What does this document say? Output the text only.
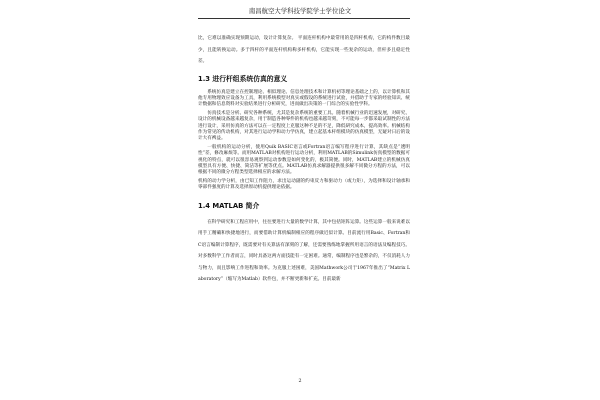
南昌航空大学科技学院学士学位论文

比，它难以准确实现预期运动，设计计算复杂。 平面连杆机构中最常用的是四杆机构，它的构件数目最少，且能转换运动。多于四杆的平面连杆机构称多杆机构，它能实现一些复杂的运动，但杆多且稳定性差。

1.3 进行杆组系统仿真的意义

系统仿真是建立在控制理论、相似理论、信息处理技术和计算机初等理论基础之上的，以计算机和其他专用物理效应设备为工具，利用系统模型对真实或假设的系统进行试验，并借助于专家的经验知识、统计数据和信息资料对实验结果进行分析研究，进而做出决策的一门综合的实验性学科。

仿真技术是分析、研究各种系统，尤其是复杂系统的重要工具。随着机械行业的迅速发展，对研究、设计的机械设备越来越复杂，用于制造各种零件的机构也越来越苛刻，不可能每一步都采取试制性的方法进行设计，采用仿真的方法可以在一定程度上克服这种不足的不足，降低研究成本，提高效率。机械结构作为常见的传动机构，对其进行运动学和动力学仿真，建立起基本杆组模块的仿真模型，无疑对日后的设计大有裨益。

一般机构的运动分析，使用Quik BASIC语言或Fortran语言编写程序进行计算，其缺点是“透明性”差，修改麻烦等。而用MATLAB对机构进行运动分析，利用MATLAB的Simulink仿真模型的数据可视化的特点，就可以很容易观察到运动参数是如何变化的，极其简便。同时，MATLAB建立的机械仿真模型具有方便、快捷、简洁等扩展等优点。MATLAB仿真求解器提供很多解不同微分方程的方法，可以根据不同的微分方程类型选择相应的求解方法。

机构的动力学分析，由已知工作阻力，求出运动副的约束反力和驱动力（或力矩），为选择和设计轴承和零部件强度的计算及选择原动机提供理论依据。

1.4 MATLAB 简介

在科学研究和工程应用中，往往要进行大量的数学计算，其中包括矩阵运算。这些运算一般来说难以用手工精确和快捷地进行，而要借助计算机编制相应的程序做近似计算。目前流行用Basic、Fortran和C语言编制计算程序，既需要对有关算法有深刻的了解，还需要熟练地掌握所用语言的语法及编程技巧。对多数科学工作者而言，同时具备这两方面技能有一定困难。通常，编制程序也是繁杂的，不仅消耗人力与物力，而且影响工作进程和效率。为克服上述困难，美国Mathwork公司于1967年推出了“Matrix Laboratory”（缩写为Matlab）软件包，并不断更新和扩充。目前最新

2
